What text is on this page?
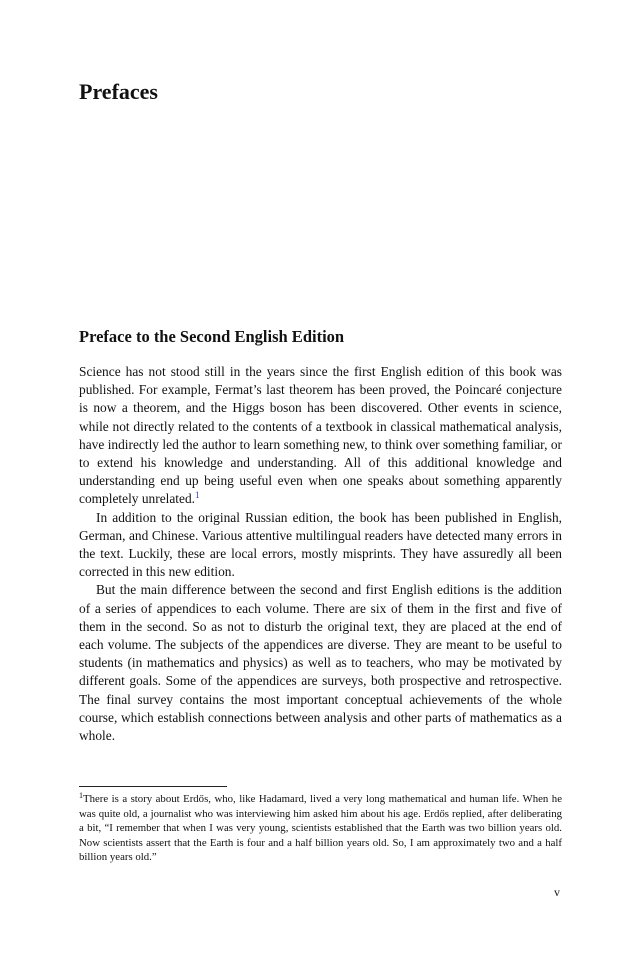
Prefaces
Preface to the Second English Edition

Science has not stood still in the years since the first English edition of this book was published. For example, Fermat’s last theorem has been proved, the Poincaré conjecture is now a theorem, and the Higgs boson has been discovered. Other events in science, while not directly related to the contents of a textbook in classical mathematical analysis, have indirectly led the author to learn something new, to think over something familiar, or to extend his knowledge and understanding. All of this additional knowledge and understanding end up being useful even when one speaks about something apparently completely unrelated.$^1$

In addition to the original Russian edition, the book has been published in English, German, and Chinese. Various attentive multilingual readers have detected many errors in the text. Luckily, these are local errors, mostly misprints. They have assuredly all been corrected in this new edition.

But the main difference between the second and first English editions is the addition of a series of appendices to each volume. There are six of them in the first and five of them in the second. So as not to disturb the original text, they are placed at the end of each volume. The subjects of the appendices are diverse. They are meant to be useful to students (in mathematics and physics) as well as to teachers, who may be motivated by different goals. Some of the appendices are surveys, both prospective and retrospective. The final survey contains the most important conceptual achievements of the whole course, which establish connections between analysis and other parts of mathematics as a whole.

$^1$There is a story about Erdős, who, like Hadamard, lived a very long mathematical and human life. When he was quite old, a journalist who was interviewing him asked him about his age. Erdős replied, after deliberating a bit, “I remember that when I was very young, scientists established that the Earth was two billion years old. Now scientists assert that the Earth is four and a half billion years old. So, I am approximately two and a half billion years old.”

v
